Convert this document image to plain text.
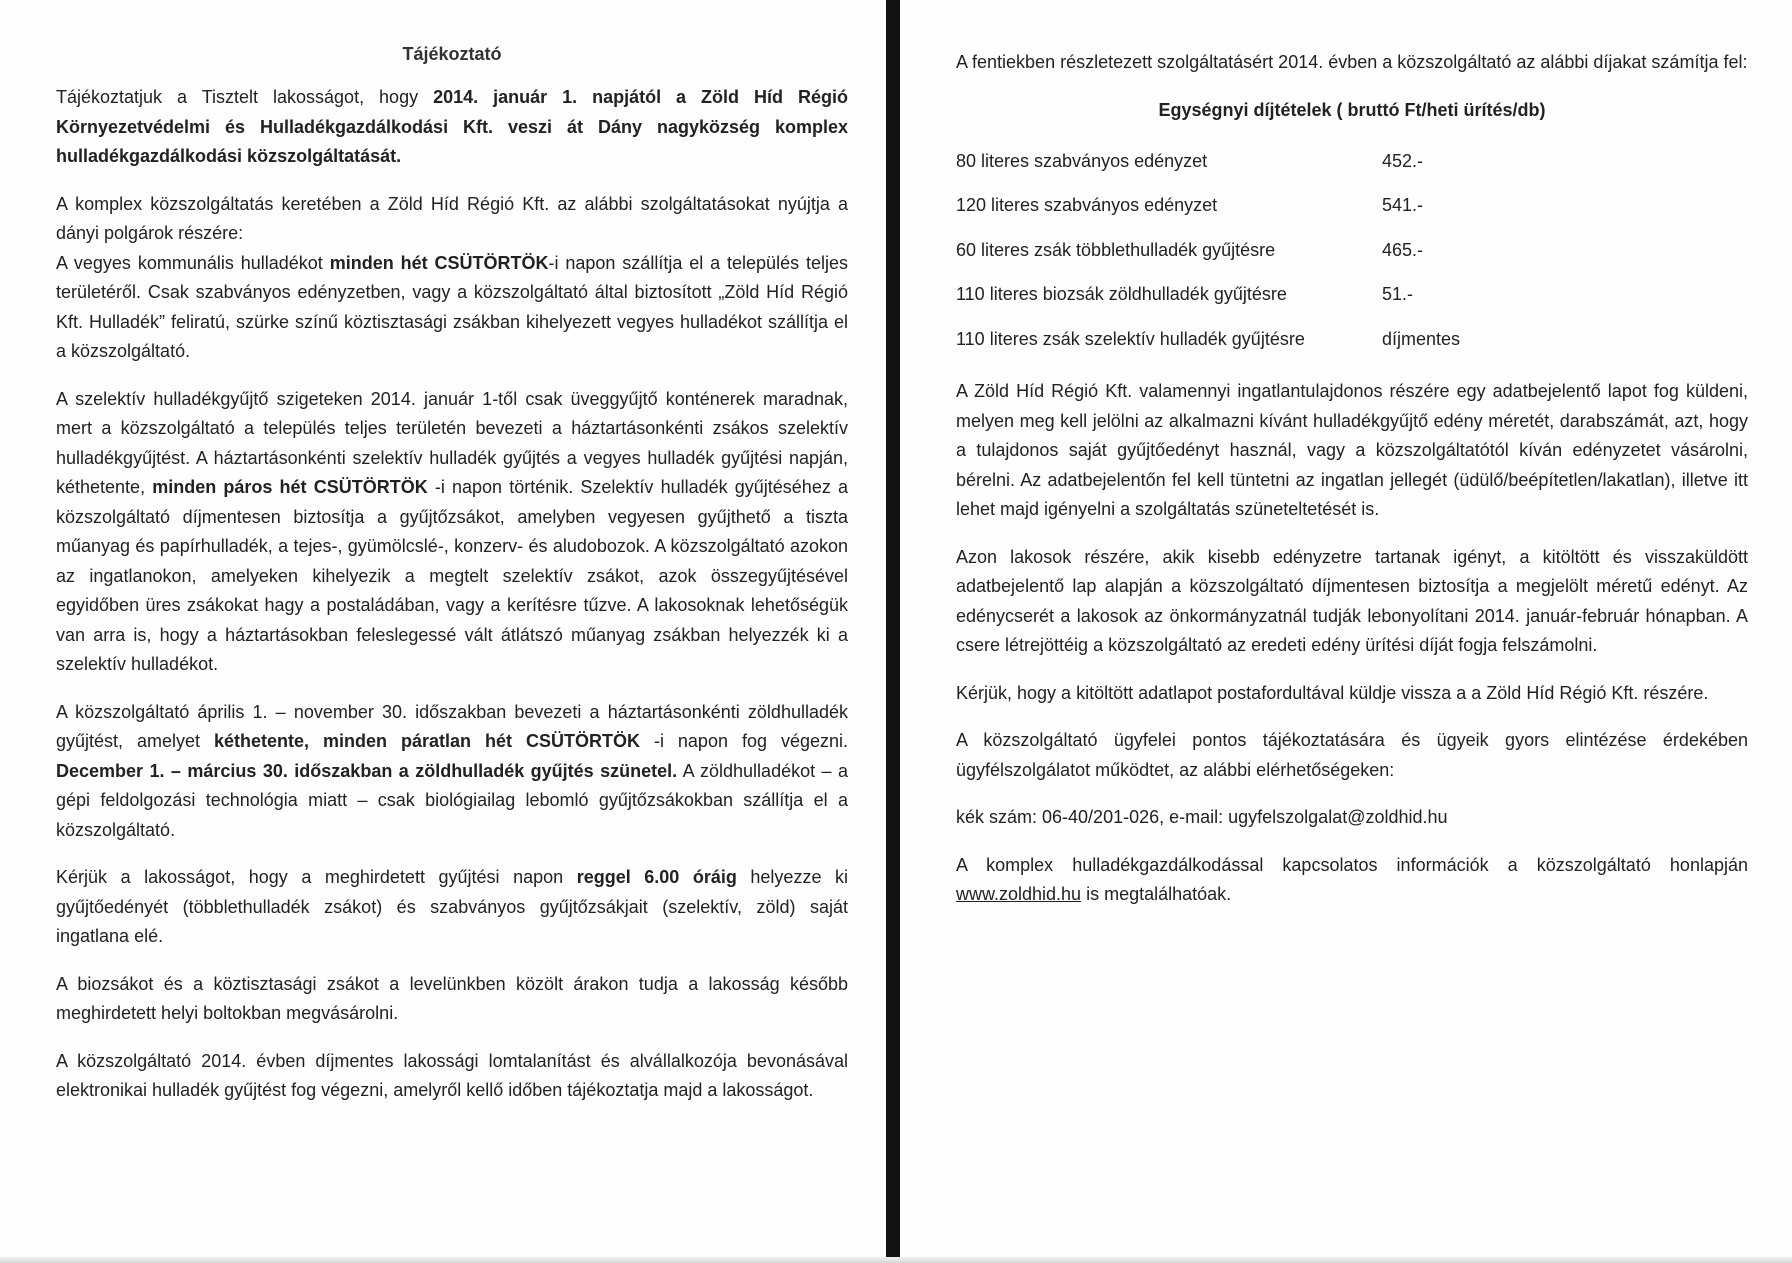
Tájékoztató

Tájékoztatjuk a Tisztelt lakosságot, hogy 2014. január 1. napjától a Zöld Híd Régió Környezetvédelmi és Hulladékgazdálkodási Kft. veszi át Dány nagyközség komplex hulladékgazdálkodási közszolgáltatását.

A komplex közszolgáltatás keretében a Zöld Híd Régió Kft. az alábbi szolgáltatásokat nyújtja a dányi polgárok részére:

A vegyes kommunális hulladékot minden hét CSÜTÖRTÖK-i napon szállítja el a település teljes területéről. Csak szabványos edényzetben, vagy a közszolgáltató által biztosított „Zöld Híd Régió Kft. Hulladék” feliratú, szürke színű köztisztasági zsákban kihelyezett vegyes hulladékot szállítja el a közszolgáltató.

A szelektív hulladékgyűjtő szigeteken 2014. január 1-től csak üveggyűjtő konténerek maradnak, mert a közszolgáltató a település teljes területén bevezeti a háztartásonkénti zsákos szelektív hulladékgyűjtést. A háztartásonkénti szelektív hulladék gyűjtés a vegyes hulladék gyűjtési napján, kéthetente, minden páros hét CSÜTÖRTÖK -i napon történik. Szelektív hulladék gyűjtéséhez a közszolgáltató díjmentesen biztosítja a gyűjtőzsákot, amelyben vegyesen gyűjthető a tiszta műanyag és papírhulladék, a tejes-, gyümölcslé-, konzerv- és aludobozok. A közszolgáltató azokon az ingatlanokon, amelyeken kihelyezik a megtelt szelektív zsákot, azok összegyűjtésével egyidőben üres zsákokat hagy a postaládában, vagy a kerítésre tűzve. A lakosoknak lehetőségük van arra is, hogy a háztartásokban feleslegessé vált átlátszó műanyag zsákban helyezzék ki a szelektív hulladékot.

A közszolgáltató április 1. – november 30. időszakban bevezeti a háztartásonkénti zöldhulladék gyűjtést, amelyet kéthetente, minden páratlan hét CSÜTÖRTÖK -i napon fog végezni. December 1. – március 30. időszakban a zöldhulladék gyűjtés szünetel. A zöldhulladékot – a gépi feldolgozási technológia miatt – csak biológiailag lebomló gyűjtőzsákokban szállítja el a közszolgáltató.

Kérjük a lakosságot, hogy a meghirdetett gyűjtési napon reggel 6.00 óráig helyezze ki gyűjtőedényét (többlethulladék zsákot) és szabványos gyűjtőzsákjait (szelektív, zöld) saját ingatlana elé.

A biozsákot és a köztisztasági zsákot a levelünkben közölt árakon tudja a lakosság később meghirdetett helyi boltokban megvásárolni.

A közszolgáltató 2014. évben díjmentes lakossági lomtalanítást és alvállalkozója bevonásával elektronikai hulladék gyűjtést fog végezni, amelyről kellő időben tájékoztatja majd a lakosságot.

A fentiekben részletezett szolgáltatásért 2014. évben a közszolgáltató az alábbi díjakat számítja fel:

Egységnyi díjtételek ( bruttó Ft/heti ürítés/db)
80 literes szabványos edényzet	452.-
120 literes szabványos edényzet	541.-
60 literes zsák többlethulladék gyűjtésre	465.-
110 literes biozsák zöldhulladék gyűjtésre	51.-
110 literes zsák szelektív hulladék gyűjtésre	díjmentes

A Zöld Híd Régió Kft. valamennyi ingatlantulajdonos részére egy adatbejelentő lapot fog küldeni, melyen meg kell jelölni az alkalmazni kívánt hulladékgyűjtő edény méretét, darabszámát, azt, hogy a tulajdonos saját gyűjtőedényt használ, vagy a közszolgáltatótól kíván edényzetet vásárolni, bérelni. Az adatbejelentőn fel kell tüntetni az ingatlan jellegét (üdülő/beépítetlen/lakatlan), illetve itt lehet majd igényelni a szolgáltatás szüneteltetését is.

Azon lakosok részére, akik kisebb edényzetre tartanak igényt, a kitöltött és visszaküldött adatbejelentő lap alapján a közszolgáltató díjmentesen biztosítja a megjelölt méretű edényt. Az edénycserét a lakosok az önkormányzatnál tudják lebonyolítani 2014. január-február hónapban. A csere létrejöttéig a közszolgáltató az eredeti edény ürítési díját fogja felszámolni.

Kérjük, hogy a kitöltött adatlapot postafordultával küldje vissza a a Zöld Híd Régió Kft. részére.

A közszolgáltató ügyfelei pontos tájékoztatására és ügyeik gyors elintézése érdekében ügyfélszolgálatot működtet, az alábbi elérhetőségeken:

kék szám: 06-40/201-026, e-mail: ugyfelszolgalat@zoldhid.hu

A komplex hulladékgazdálkodással kapcsolatos információk a közszolgáltató honlapján www.zoldhid.hu is megtalálhatóak.
